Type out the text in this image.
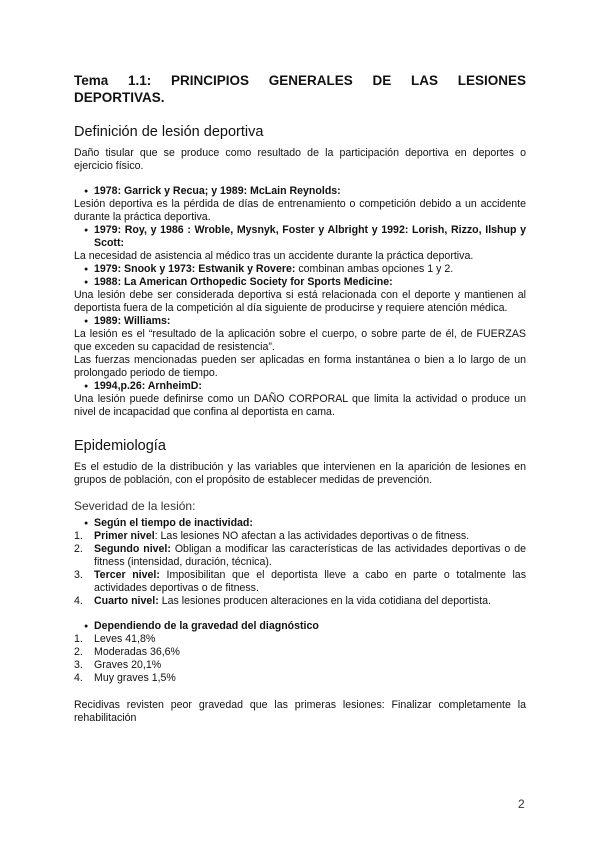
Tema 1.1: PRINCIPIOS GENERALES DE LAS LESIONES
DEPORTIVAS.
Definición de lesión deportiva

Daño tisular que se produce como resultado de la participación deportiva en deportes o ejercicio físico.

● 1978: Garrick y Recua; y 1989: McLain Reynolds:

Lesión deportiva es la pérdida de días de entrenamiento o competición debido a un accidente durante la práctica deportiva.

● 1979: Roy, y 1986 : Wroble, Mysnyk, Foster y Albright y 1992: Lorish, Rizzo, Ilshup y Scott:

La necesidad de asistencia al médico tras un accidente durante la práctica deportiva.

● 1979: Snook y 1973: Estwanik y Rovere: combinan ambas opciones 1 y 2.
● 1988: La American Orthopedic Society for Sports Medicine:

Una lesión debe ser considerada deportiva si está relacionada con el deporte y mantienen al deportista fuera de la competición al día siguiente de producirse y requiere atención médica.

● 1989: Williams:

La lesión es el “resultado de la aplicación sobre el cuerpo, o sobre parte de él, de FUERZAS que exceden su capacidad de resistencia”.

Las fuerzas mencionadas pueden ser aplicadas en forma instantánea o bien a lo largo de un prolongado periodo de tiempo.

● 1994,p.26: ArnheimD:

Una lesión puede definirse como un DAÑO CORPORAL que limita la actividad o produce un nivel de incapacidad que confina al deportista en cama.

Epidemiología

Es el estudio de la distribución y las variables que intervienen en la aparición de lesiones en grupos de población, con el propósito de establecer medidas de prevención.

Severidad de la lesión:
● Según el tiempo de inactividad:
1.	Primer nivel: Las lesiones NO afectan a las actividades deportivas o de fitness.
2.	Segundo nivel: Obligan a modificar las características de las actividades deportivas o de fitness (intensidad, duración, técnica).
3.	Tercer nivel: Imposibilitan que el deportista lleve a cabo en parte o totalmente las actividades deportivas o de fitness.
4.	Cuarto nivel: Las lesiones producen alteraciones en la vida cotidiana del deportista.
● Dependiendo de la gravedad del diagnóstico
1.	Leves 41,8%
2.	Moderadas 36,6%
3.	Graves 20,1%
4.	Muy graves 1,5%

Recidivas revisten peor gravedad que las primeras lesiones: Finalizar completamente la rehabilitación

2
